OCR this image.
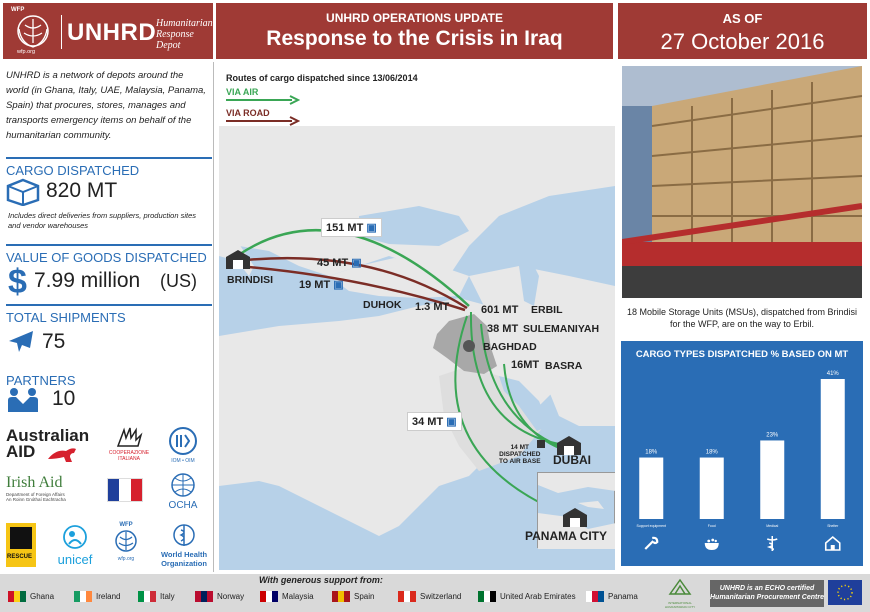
WFP
wfp.org
UNHRD Humanitarian
Response Depot
UNHRD OPERATIONS UPDATE
Response to the Crisis in Iraq
AS OF
27 October 2016
UNHRD is a network of depots around the world (in Ghana, Italy, UAE, Malaysia, Panama, Spain) that procures, stores, manages and transports emergency items on behalf of the humanitarian community.
CARGO DISPATCHED
820 MT
Includes direct deliveries from suppliers, production sites and vendor warehouses
VALUE OF GOODS DISPATCHED
$ 7.99 million (US)
TOTAL SHIPMENTS
75
PARTNERS
10
Australian
AID	COOPERAZIONE
ITALIANA	IOM • OIM
Irish Aid
Department of Foreign Affairs
An Roinn Gnóthaí Eachtracha
OCHA
RESCUE unicef
WFP
wfp.org	World Health
Organization
Routes of cargo dispatched since 13/06/2014
VIA AIR
VIA ROAD
151 MT ▣
45 MT ▣
19 MT ▣
1.3 MT	601 MT
38 MT
16MT
34 MT ▣
14 MT
DISPATCHED
TO AIR BASE
BRINDISI
DUHOK	ERBIL
SULEMANIYAH
BAGHDAD
BASRA
DUBAI
PANAMA CITY
18 Mobile Storage Units (MSUs), dispatched from Brindisi for the WFP, are on the way to Erbil.
CARGO TYPES DISPATCHED % BASED ON MT
18%
Support equipment
18%
Food
23%
Medical
41%
Shelter
With generous support from:
Ghana	Ireland	Italy	Norway	Malaysia	Spain	Switzerland	United Arab Emirates	Panama
INTERNATIONAL HUMANITARIAN CITY
UNHRD is an ECHO certified
Humanitarian Procurement Centre
